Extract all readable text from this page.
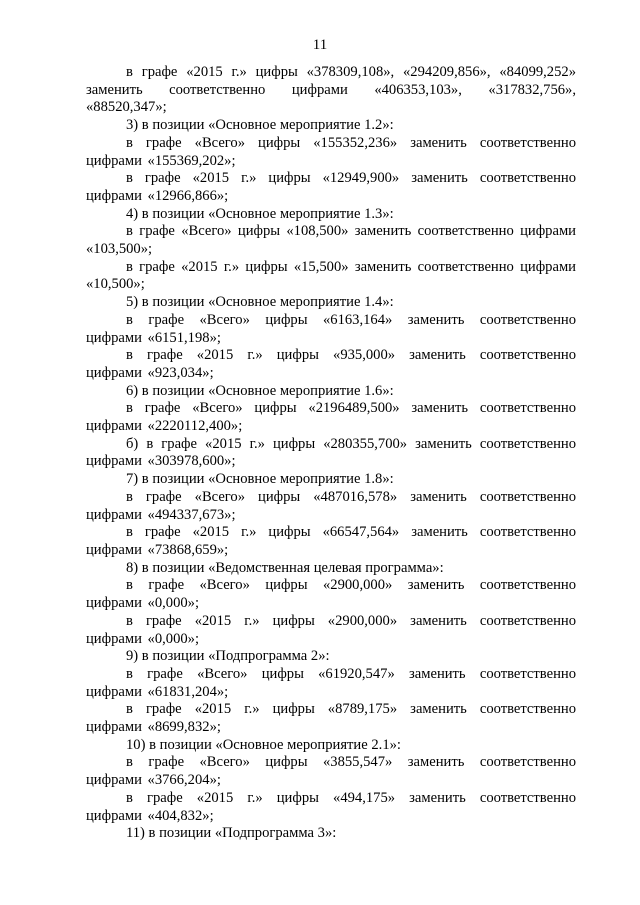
11

в графе «2015 г.» цифры «378309,108», «294209,856», «84099,252» заменить соответственно цифрами «406353,103», «317832,756», «88520,347»;

3) в позиции «Основное мероприятие 1.2»:

в графе «Всего» цифры «155352,236» заменить соответственно цифрами «155369,202»;

в графе «2015 г.» цифры «12949,900» заменить соответственно цифрами «12966,866»;

4) в позиции «Основное мероприятие 1.3»:

в графе «Всего» цифры «108,500» заменить соответственно цифрами «103,500»;

в графе «2015 г.» цифры «15,500» заменить соответственно цифрами «10,500»;

5) в позиции «Основное мероприятие 1.4»:

в графе «Всего» цифры «6163,164» заменить соответственно цифрами «6151,198»;

в графе «2015 г.» цифры «935,000» заменить соответственно цифрами «923,034»;

6) в позиции «Основное мероприятие 1.6»:

в графе «Всего» цифры «2196489,500» заменить соответственно цифрами «2220112,400»;

б) в графе «2015 г.» цифры «280355,700» заменить соответственно цифрами «303978,600»;

7) в позиции «Основное мероприятие 1.8»:

в графе «Всего» цифры «487016,578» заменить соответственно цифрами «494337,673»;

в графе «2015 г.» цифры «66547,564» заменить соответственно цифрами «73868,659»;

8) в позиции «Ведомственная целевая программа»:

в графе «Всего» цифры «2900,000» заменить соответственно цифрами «0,000»;

в графе «2015 г.» цифры «2900,000» заменить соответственно цифрами «0,000»;

9) в позиции «Подпрограмма 2»:

в графе «Всего» цифры «61920,547» заменить соответственно цифрами «61831,204»;

в графе «2015 г.» цифры «8789,175» заменить соответственно цифрами «8699,832»;

10) в позиции «Основное мероприятие 2.1»:

в графе «Всего» цифры «3855,547» заменить соответственно цифрами «3766,204»;

в графе «2015 г.» цифры «494,175» заменить соответственно цифрами «404,832»;

11) в позиции «Подпрограмма 3»:
